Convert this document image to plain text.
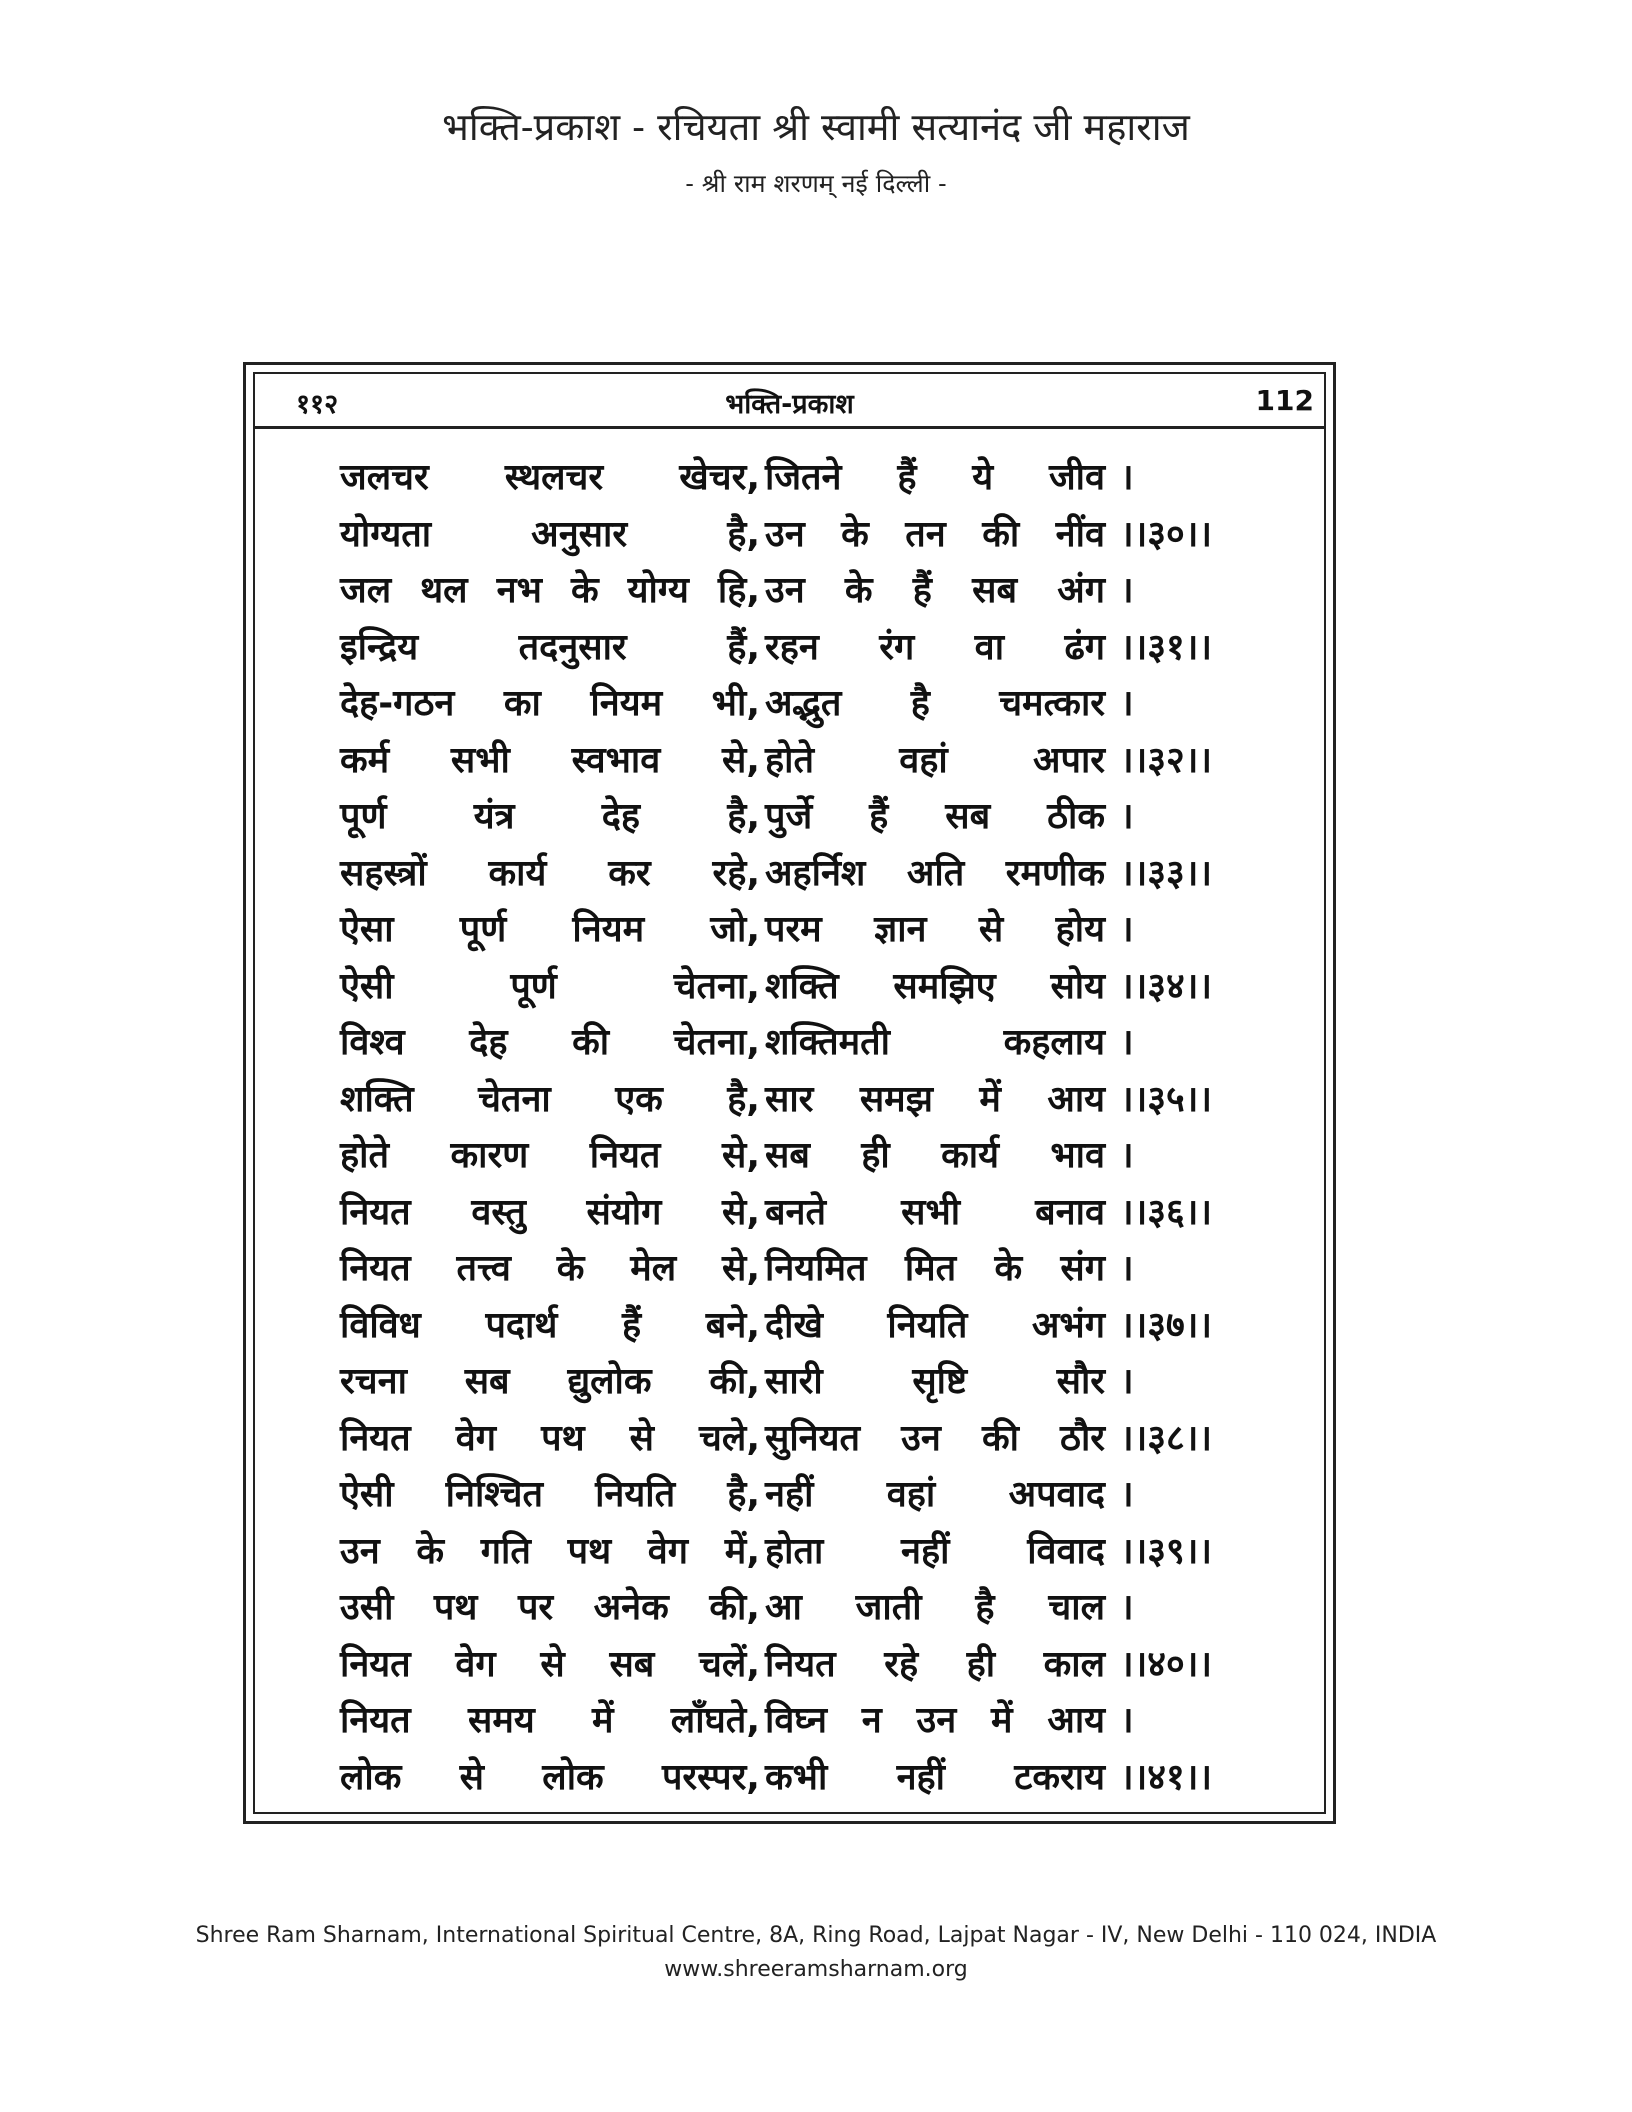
भक्ति-प्रकाश - रचियता श्री स्वामी सत्यानंद जी महाराज
- श्री राम शरणम् नई दिल्ली -
११२	भक्ति-प्रकाश	112
जलचर स्थलचर खेचर, जितने हैं ये जीव ।
योग्यता अनुसार है, उन के तन की नींव ।।३०।।
जल थल नभ के योग्य हि, उन के हैं सब अंग ।
इन्द्रिय तदनुसार हैं, रहन रंग वा ढंग ।।३१।।
देह-गठन का नियम भी, अद्भुत है चमत्कार ।
कर्म सभी स्वभाव से, होते वहां अपार ।।३२।।
पूर्ण यंत्र देह है, पुर्जे हैं सब ठीक ।
सहस्त्रों कार्य कर रहे, अहर्निश अति रमणीक ।।३३।।
ऐसा पूर्ण नियम जो, परम ज्ञान से होय ।
ऐसी पूर्ण चेतना, शक्ति समझिए सोय ।।३४।।
विश्व देह की चेतना, शक्तिमती कहलाय ।
शक्ति चेतना एक है, सार समझ में आय ।।३५।।
होते कारण नियत से, सब ही कार्य भाव ।
नियत वस्तु संयोग से, बनते सभी बनाव ।।३६।।
नियत तत्त्व के मेल से, नियमित मित के संग ।
विविध पदार्थ हैं बने, दीखे नियति अभंग ।।३७।।
रचना सब द्युलोक की, सारी सृष्टि सौर ।
नियत वेग पथ से चले, सुनियत उन की ठौर ।।३८।।
ऐसी निश्चित नियति है, नहीं वहां अपवाद ।
उन के गति पथ वेग में, होता नहीं विवाद ।।३९।।
उसी पथ पर अनेक की, आ जाती है चाल ।
नियत वेग से सब चलें, नियत रहे ही काल ।।४०।।
नियत समय में लाँघते, विघ्न न उन में आय ।
लोक से लोक परस्पर, कभी नहीं टकराय ।।४१।।
Shree Ram Sharnam, International Spiritual Centre, 8A, Ring Road, Lajpat Nagar - IV, New Delhi - 110 024, INDIA
www.shreeramsharnam.org
